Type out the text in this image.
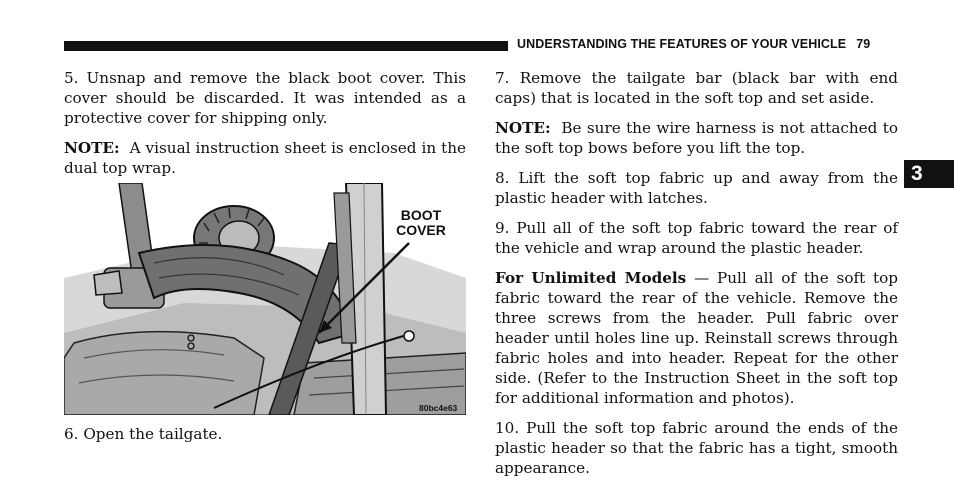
UNDERSTANDING THE FEATURES OF YOUR VEHICLE 79
3

5. Unsnap and remove the black boot cover. This cover should be discarded. It was intended as a protective cover for shipping only.

NOTE: A visual instruction sheet is enclosed in the dual top wrap.

BOOT
COVER
80bc4e63
6. Open the tailgate.

7. Remove the tailgate bar (black bar with end caps) that is located in the soft top and set aside.

NOTE: Be sure the wire harness is not attached to the soft top bows before you lift the top.

8. Lift the soft top fabric up and away from the plastic header with latches.

9. Pull all of the soft top fabric toward the rear of the vehicle and wrap around the plastic header.

For Unlimited Models — Pull all of the soft top fabric toward the rear of the vehicle. Remove the three screws from the header. Pull fabric over header until holes line up. Reinstall screws through fabric holes and into header. Repeat for the other side. (Refer to the Instruction Sheet in the soft top for additional information and photos).

10. Pull the soft top fabric around the ends of the plastic header so that the fabric has a tight, smooth appearance.
